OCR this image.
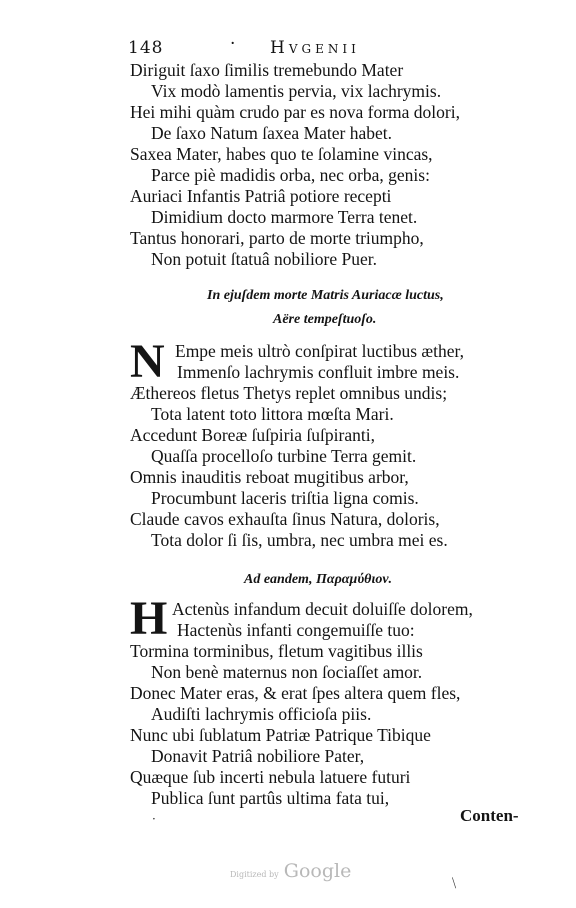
148	· Hvgenii
Diriguit ſaxo ſimilis tremebundo Mater
Vix modò lamentis pervia, vix lachrymis.
Hei mihi quàm crudo par es nova forma dolori,
De ſaxo Natum ſaxea Mater habet.
Saxea Mater, habes quo te ſolamine vincas,
Parce piè madidis orba, nec orba, genis:
Auriaci Infantis Patriâ potiore recepti
Dimidium docto marmore Terra tenet.
Tantus honorari, parto de morte triumpho,
Non potuit ſtatuâ nobiliore Puer.
In ejuſdem morte Matris Auriacæ luctus,
Aëre tempeſtuoſo.
N Empe meis ultrò conſpirat luctibus æther,
Immenſo lachrymis confluit imbre meis.
Æthereos fletus Thetys replet omnibus undis;
Tota latent toto littora mœſta Mari.
Accedunt Boreæ ſuſpiria ſuſpiranti,
Quaſſa procelloſo turbine Terra gemit.
Omnis inauditis reboat mugitibus arbor,
Procumbunt laceris triſtia ligna comis.
Claude cavos exhauſta ſinus Natura, doloris,
Tota dolor ſi ſis, umbra, nec umbra mei es.
Ad eandem, Παραμύθιον.
H Actenùs infandum decuit doluiſſe dolorem,
Hactenùs infanti congemuiſſe tuo:
Tormina torminibus, fletum vagitibus illis
Non benè maternus non ſociaſſet amor.
Donec Mater eras, & erat ſpes altera quem fles,
Audiſti lachrymis officioſa piis.
Nunc ubi ſublatum Patriæ Patrique Tibique
Donavit Patriâ nobiliore Pater,
Quæque ſub incerti nebula latuere futuri
Publica ſunt partûs ultima fata tui,
Conten-
·
⧹
Digitized by Google
